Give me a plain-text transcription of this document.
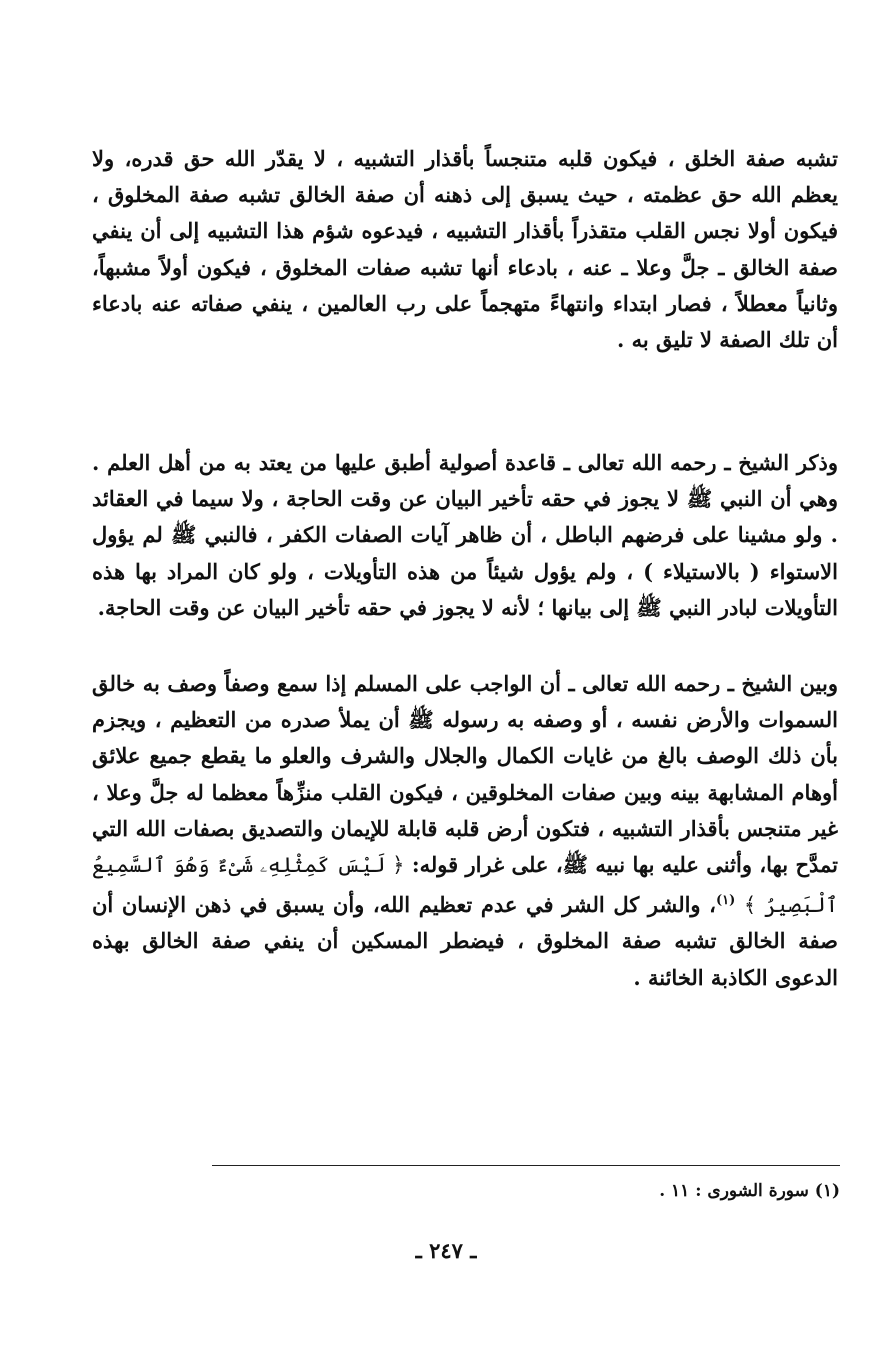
تشبه صفة الخلق ، فيكون قلبه متنجساً بأقذار التشبيه ، لا يقدّر الله حق قدره، ولا يعظم الله حق عظمته ، حيث يسبق إلى ذهنه أن صفة الخالق تشبه صفة المخلوق ، فيكون أولا نجس القلب متقذراً بأقذار التشبيه ، فيدعوه شؤم هذا التشبيه إلى أن ينفي صفة الخالق ـ جلَّ وعلا ـ عنه ، بادعاء أنها تشبه صفات المخلوق ، فيكون أولاً مشبهاً، وثانياً معطلاً ، فصار ابتداء وانتهاءً متهجماً على رب العالمين ، ينفي صفاته عنه بادعاء أن تلك الصفة لا تليق به .

وذكر الشيخ ـ رحمه الله تعالى ـ قاعدة أصولية أطبق عليها من يعتد به من أهل العلم . وهي أن النبي ﷺ لا يجوز في حقه تأخير البيان عن وقت الحاجة ، ولا سيما في العقائد . ولو مشينا على فرضهم الباطل ، أن ظاهر آيات الصفات الكفر ، فالنبي ﷺ لم يؤول الاستواء ( بالاستيلاء ) ، ولم يؤول شيئاً من هذه التأويلات ، ولو كان المراد بها هذه التأويلات لبادر النبي ﷺ إلى بيانها ؛ لأنه لا يجوز في حقه تأخير البيان عن وقت الحاجة.

وبين الشيخ ـ رحمه الله تعالى ـ أن الواجب على المسلم إذا سمع وصفاً وصف به خالق السموات والأرض نفسه ، أو وصفه به رسوله ﷺ أن يملأ صدره من التعظيم ، ويجزم بأن ذلك الوصف بالغ من غايات الكمال والجلال والشرف والعلو ما يقطع جميع علائق أوهام المشابهة بينه وبين صفات المخلوقين ، فيكون القلب منزِّهاً معظما له جلَّ وعلا ، غير متنجس بأقذار التشبيه ، فتكون أرض قلبه قابلة للإيمان والتصديق بصفات الله التي تمدَّح بها، وأثنى عليه بها نبيه ﷺ، على غرار قوله: ﴿ لَيْسَ كَمِثْلِهِۦ شَىْءٌ وَهُوَ ٱلسَّمِيعُ ٱلْبَصِيرُ ﴾ $^{(١)}$، والشر كل الشر في عدم تعظيم الله، وأن يسبق في ذهن الإنسان أن صفة الخالق تشبه صفة المخلوق ، فيضطر المسكين أن ينفي صفة الخالق بهذه الدعوى الكاذبة الخائنة .

(١) سورة الشورى : ١١ .
ـ ٢٤٧ ـ
